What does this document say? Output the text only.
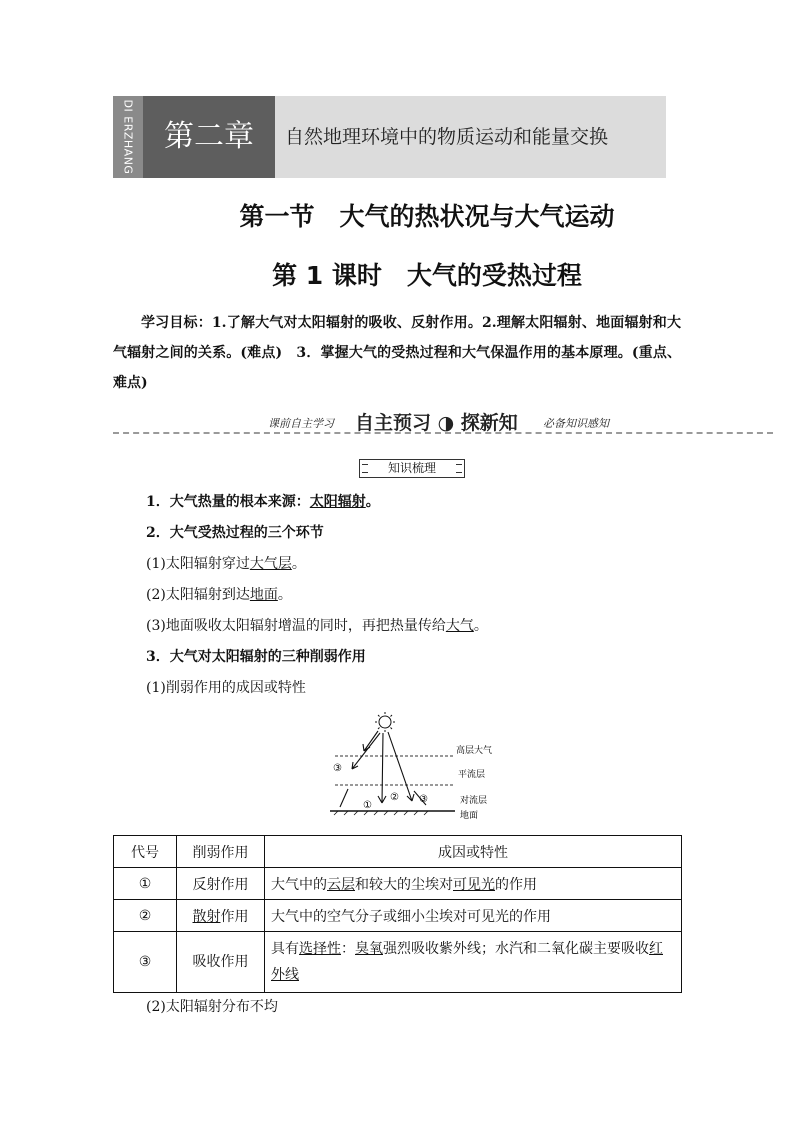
DI ERZHANG 第二章	自然地理环境中的物质运动和能量交换
第一节　大气的热状况与大气运动
第 1 课时　大气的受热过程
学习目标：1.了解大气对太阳辐射的吸收、反射作用。2.理解太阳辐射、地面辐射和大气辐射之间的关系。(难点)　3．掌握大气的受热过程和大气保温作用的基本原理。(重点、难点)
课前自主学习 自主预习 ◑ 探新知 必备知识感知
知识梳理
1．大气热量的根本来源：太阳辐射。
2．大气受热过程的三个环节
(1)太阳辐射穿过大气层。
(2)太阳辐射到达地面。
(3)地面吸收太阳辐射增温的同时，再把热量传给大气。
3．大气对太阳辐射的三种削弱作用
(1)削弱作用的成因或特性
③
①
② ③
高层大气
平流层
对流层
地面
代号	削弱作用	成因或特性
①	反射作用	大气中的云层和较大的尘埃对可见光的作用
②	散射作用	大气中的空气分子或细小尘埃对可见光的作用
③	吸收作用	具有选择性：臭氧强烈吸收紫外线；水汽和二氧化碳主要吸收红外线
(2)太阳辐射分布不均
